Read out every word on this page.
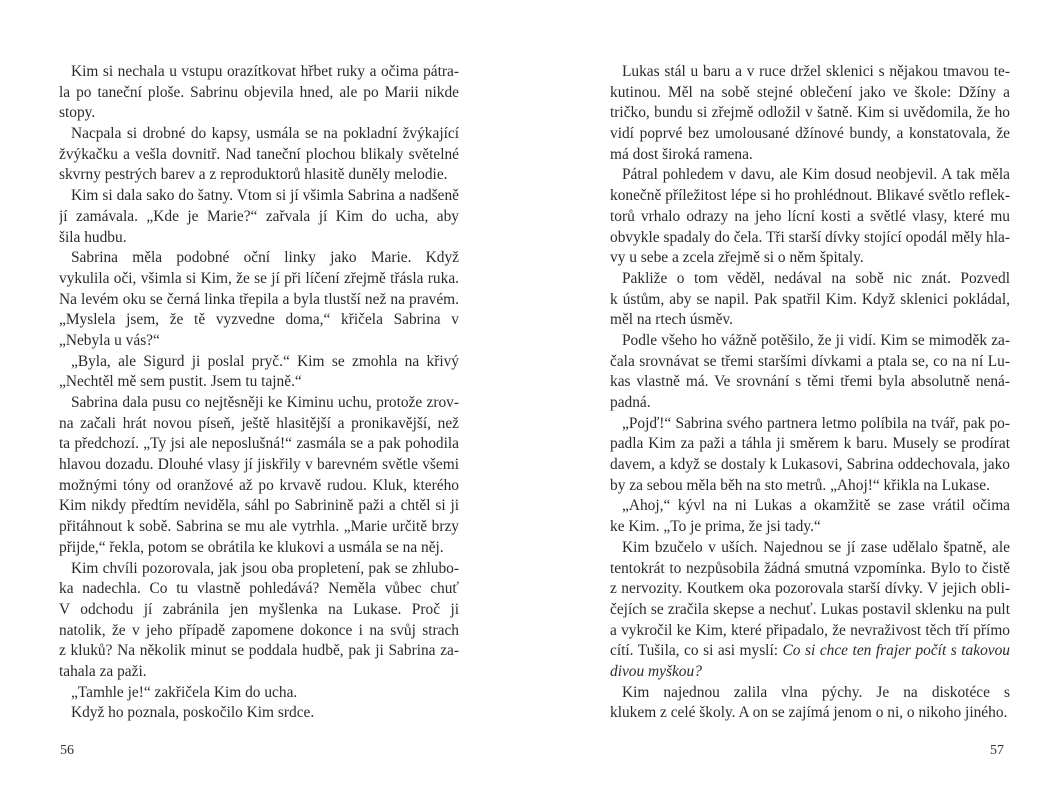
Kim si nechala u vstupu orazítkovat hřbet ruky a očima pátra-
la po taneční ploše. Sabrinu objevila hned, ale po Marii nikde
stopy.
Nacpala si drobné do kapsy, usmála se na pokladní žvýkající
žvýkačku a vešla dovnitř. Nad taneční plochou blikaly světelné
skvrny pestrých barev a z reproduktorů hlasitě duněly melodie.
Kim si dala sako do šatny. Vtom si jí všimla Sabrina a nadšeně
jí zamávala. „Kde je Marie?“ zařvala jí Kim do ucha, aby
šila hudbu.
Sabrina měla podobné oční linky jako Marie. Když
vykulila oči, všimla si Kim, že se jí při líčení zřejmě třásla ruka.
Na levém oku se černá linka třepila a byla tlustší než na pravém.
„Myslela jsem, že tě vyzvedne doma,“ křičela Sabrina v
„Nebyla u vás?“
„Byla, ale Sigurd ji poslal pryč.“ Kim se zmohla na křivý
„Nechtěl mě sem pustit. Jsem tu tajně.“
Sabrina dala pusu co nejtěsněji ke Kiminu uchu, protože zrov-
na začali hrát novou píseň, ještě hlasitější a pronikavější, než
ta předchozí. „Ty jsi ale neposlušná!“ zasmála se a pak pohodila
hlavou dozadu. Dlouhé vlasy jí jiskřily v barevném světle všemi
možnými tóny od oranžové až po krvavě rudou. Kluk, kterého
Kim nikdy předtím neviděla, sáhl po Sabrinině paži a chtěl si ji
přitáhnout k sobě. Sabrina se mu ale vytrhla. „Marie určitě brzy
přijde,“ řekla, potom se obrátila ke klukovi a usmála se na něj.
Kim chvíli pozorovala, jak jsou oba propletení, pak se zhlubo-
ka nadechla. Co tu vlastně pohledává? Neměla vůbec chuť
V odchodu jí zabránila jen myšlenka na Lukase. Proč ji
natolik, že v jeho případě zapomene dokonce i na svůj strach
z kluků? Na několik minut se poddala hudbě, pak ji Sabrina za-
tahala za paži.
„Tamhle je!“ zakřičela Kim do ucha.
Když ho poznala, poskočilo Kim srdce.
Lukas stál u baru a v ruce držel sklenici s nějakou tmavou te-
kutinou. Měl na sobě stejné oblečení jako ve škole: Džíny a
tričko, bundu si zřejmě odložil v šatně. Kim si uvědomila, že ho
vidí poprvé bez umolousané džínové bundy, a konstatovala, že
má dost široká ramena.
Pátral pohledem v davu, ale Kim dosud neobjevil. A tak měla
konečně příležitost lépe si ho prohlédnout. Blikavé světlo reflek-
torů vrhalo odrazy na jeho lícní kosti a světlé vlasy, které mu
obvykle spadaly do čela. Tři starší dívky stojící opodál měly hla-
vy u sebe a zcela zřejmě si o něm špitaly.
Pakliže o tom věděl, nedával na sobě nic znát. Pozvedl
k ústům, aby se napil. Pak spatřil Kim. Když sklenici pokládal,
měl na rtech úsměv.
Podle všeho ho vážně potěšilo, že ji vidí. Kim se mimoděk za-
čala srovnávat se třemi staršími dívkami a ptala se, co na ní Lu-
kas vlastně má. Ve srovnání s těmi třemi byla absolutně nená-
padná.
„Pojď!“ Sabrina svého partnera letmo políbila na tvář, pak po-
padla Kim za paži a táhla ji směrem k baru. Musely se prodírat
davem, a když se dostaly k Lukasovi, Sabrina oddechovala, jako
by za sebou měla běh na sto metrů. „Ahoj!“ křikla na Lukase.
„Ahoj,“ kývl na ni Lukas a okamžitě se zase vrátil očima
ke Kim. „To je prima, že jsi tady.“
Kim bzučelo v uších. Najednou se jí zase udělalo špatně, ale
tentokrát to nezpůsobila žádná smutná vzpomínka. Bylo to čistě
z nervozity. Koutkem oka pozorovala starší dívky. V jejich obli-
čejích se zračila skepse a nechuť. Lukas postavil sklenku na pult
a vykročil ke Kim, které připadalo, že nevraživost těch tří přímo
cítí. Tušila, co si asi myslí: Co si chce ten frajer počít s takovou
divou myškou?
Kim najednou zalila vlna pýchy. Je na diskotéce s
klukem z celé školy. A on se zajímá jenom o ni, o nikoho jiného.
56	57
